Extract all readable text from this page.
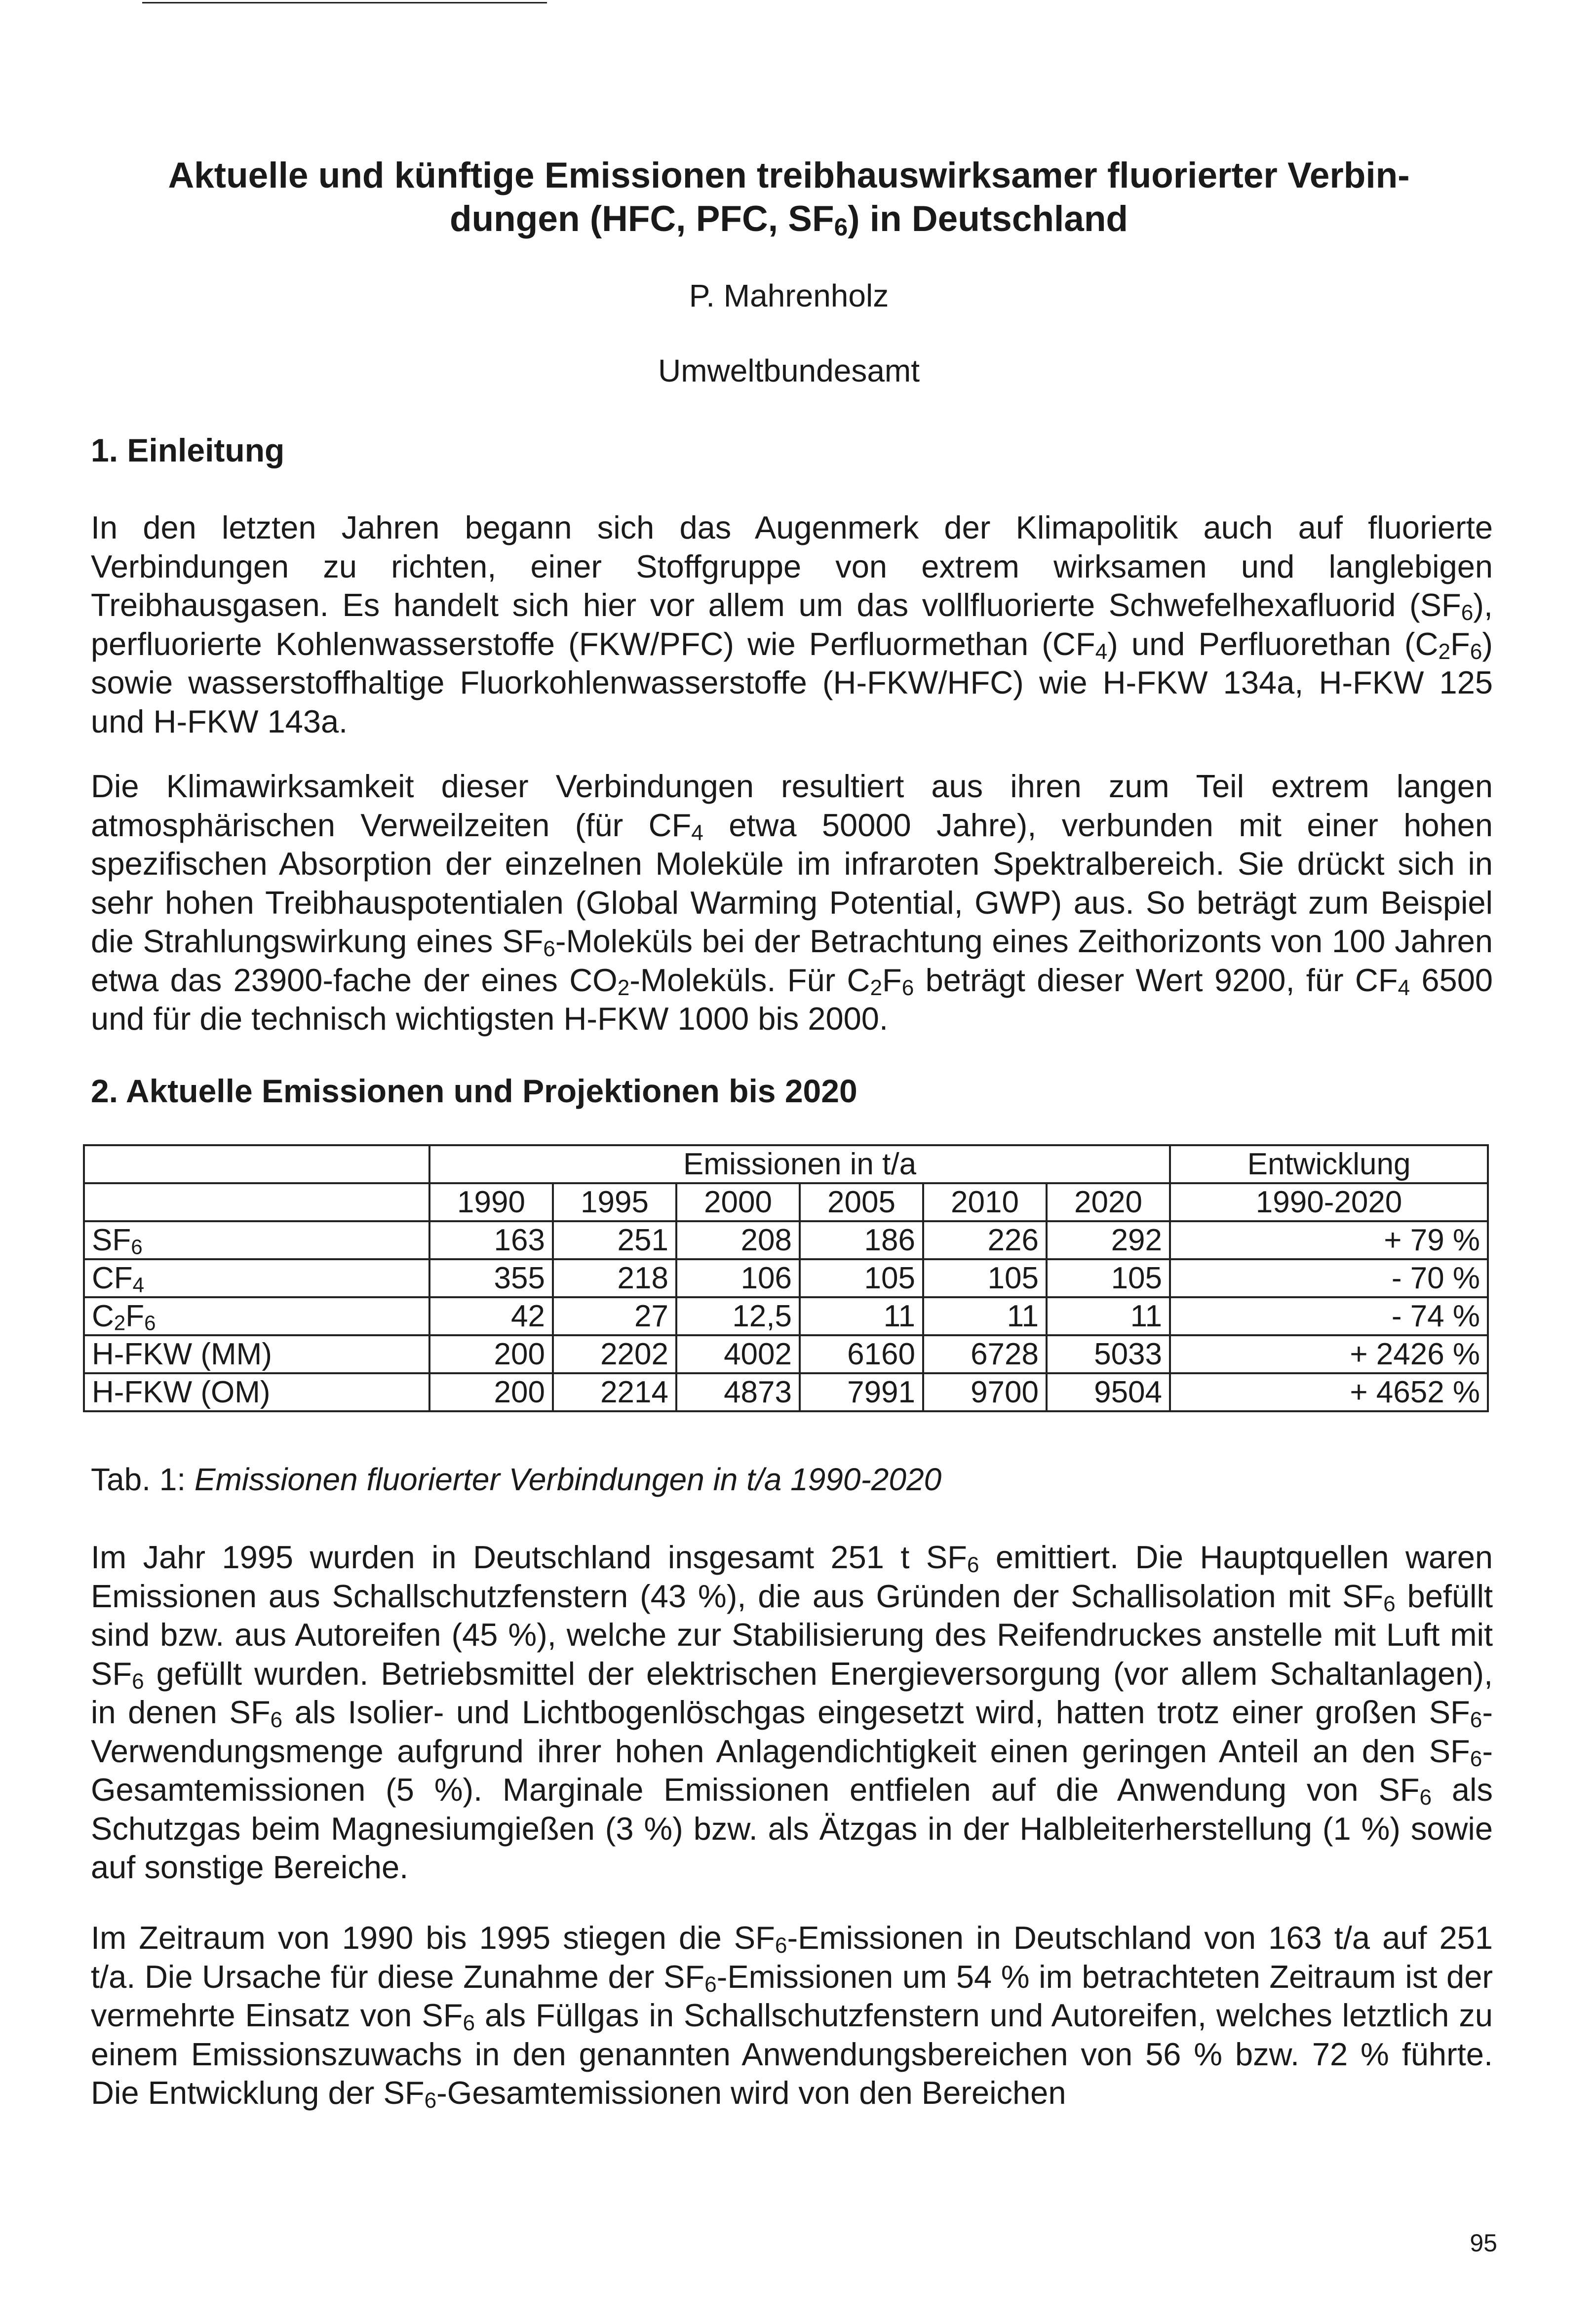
Aktuelle und künftige Emissionen treibhauswirksamer fluorierter Verbin-
dungen (HFC, PFC, $SF_6$) in Deutschland
P. Mahrenholz
Umweltbundesamt
1. Einleitung

In den letzten Jahren begann sich das Augenmerk der Klimapolitik auch auf fluorierte Verbindungen zu richten, einer Stoffgruppe von extrem wirksamen und langlebigen Treibhausgasen. Es handelt sich hier vor allem um das vollfluorierte Schwefelhexafluorid $(SF_6)$, perfluorierte Kohlenwasserstoffe (FKW/PFC) wie Perfluormethan $(CF_4)$ und Perfluorethan $(C_2F_6)$ sowie wasserstoffhaltige Fluorkohlenwasserstoffe (H-FKW/HFC) wie H-FKW 134a, H-FKW 125 und H-FKW 143a.

Die Klimawirksamkeit dieser Verbindungen resultiert aus ihren zum Teil extrem langen atmosphärischen Verweilzeiten (für $CF_4$ etwa 50000 Jahre), verbunden mit einer hohen spezifischen Absorption der einzelnen Moleküle im infraroten Spektralbereich. Sie drückt sich in sehr hohen Treibhauspotentialen (Global Warming Potential, GWP) aus. So beträgt zum Beispiel die Strahlungswirkung eines $SF_6$-Moleküls bei der Betrachtung eines Zeithorizonts von 100 Jahren etwa das 23900-fache der eines $CO_2$-Moleküls. Für $C_2F_6$ beträgt dieser Wert 9200, für $CF_4$ 6500 und für die technisch wichtigsten H-FKW 1000 bis 2000.

2. Aktuelle Emissionen und Projektionen bis 2020
	Emissionen in t/a						Entwicklung
	1990	1995	2000	2005	2010	2020	1990-2020
$SF_6$	163	251	208	186	226	292	+ 79 %
$CF_4$	355	218	106	105	105	105	- 70 %
$C_2F_6$	42	27	12,5	11	11	11	- 74 %
H-FKW (MM)	200	2202	4002	6160	6728	5033	+ 2426 %
H-FKW (OM)	200	2214	4873	7991	9700	9504	+ 4652 %
Tab. 1: Emissionen fluorierter Verbindungen in t/a 1990-2020

Im Jahr 1995 wurden in Deutschland insgesamt 251 t $SF_6$ emittiert. Die Hauptquellen waren Emissionen aus Schallschutzfenstern (43 %), die aus Gründen der Schallisolation mit $SF_6$ befüllt sind bzw. aus Autoreifen (45 %), welche zur Stabilisierung des Reifendruckes anstelle mit Luft mit $SF_6$ gefüllt wurden. Betriebsmittel der elektrischen Energieversorgung (vor allem Schaltanlagen), in denen $SF_6$ als Isolier- und Lichtbogenlöschgas eingesetzt wird, hatten trotz einer großen $SF_6$-Verwendungsmenge aufgrund ihrer hohen Anlagendichtigkeit einen geringen Anteil an den $SF_6$-Gesamtemissionen (5 %). Marginale Emissionen entfielen auf die Anwendung von $SF_6$ als Schutzgas beim Magnesiumgießen (3 %) bzw. als Ätzgas in der Halbleiterherstellung (1 %) sowie auf sonstige Bereiche.

Im Zeitraum von 1990 bis 1995 stiegen die $SF_6$-Emissionen in Deutschland von 163 t/a auf 251 t/a. Die Ursache für diese Zunahme der $SF_6$-Emissionen um 54 % im betrachteten Zeitraum ist der vermehrte Einsatz von $SF_6$ als Füllgas in Schallschutzfenstern und Autoreifen, welches letztlich zu einem Emissionszuwachs in den genannten Anwendungsbereichen von 56 % bzw. 72 % führte. Die Entwicklung der $SF_6$-Gesamtemissionen wird von den Bereichen

95
